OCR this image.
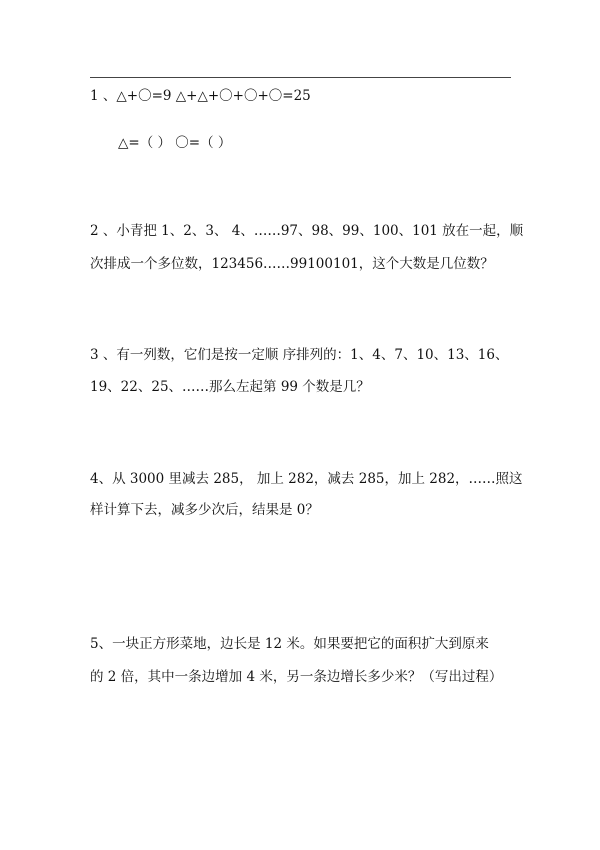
1 、△+〇=9 △+△+〇+〇+〇=25
△=（ ） 〇=（ ）
2 、小青把 1、2、3、 4、……97、98、99、100、101 放在一起，顺
次排成一个多位数，123456……99100101，这个大数是几位数？
3 、有一列数，它们是按一定顺 序排列的：1、4、7、10、13、16、
19、22、25、……那么左起第 99 个数是几？
4、从 3000 里减去 285， 加上 282，减去 285，加上 282，……照这
样计算下去，减多少次后，结果是 0？
5、一块正方形菜地，边长是 12 米。如果要把它的面积扩大到原来
的 2 倍，其中一条边增加 4 米，另一条边增长多少米？（写出过程）
